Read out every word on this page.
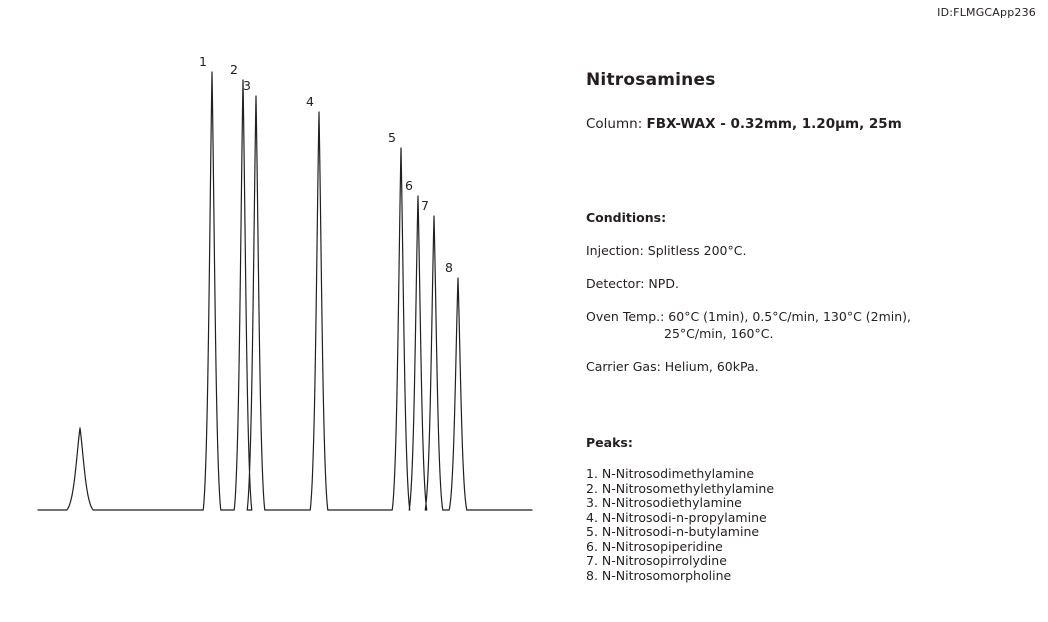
ID:FLMGCApp236
1
2
3
4
5
6
7
8
Nitrosamines

Column: FBX-WAX - 0.32mm, 1.20µm, 25m

Conditions:

Injection: Splitless 200°C.

Detector: NPD.

Oven Temp.: 60°C (1min), 0.5°C/min, 130°C (2min),
25°C/min, 160°C.

Carrier Gas: Helium, 60kPa.

Peaks:

1. N-Nitrosodimethylamine

2. N-Nitrosomethylethylamine

3. N-Nitrosodiethylamine

4. N-Nitrosodi-n-propylamine

5. N-Nitrosodi-n-butylamine

6. N-Nitrosopiperidine

7. N-Nitrosopirrolydine

8. N-Nitrosomorpholine
